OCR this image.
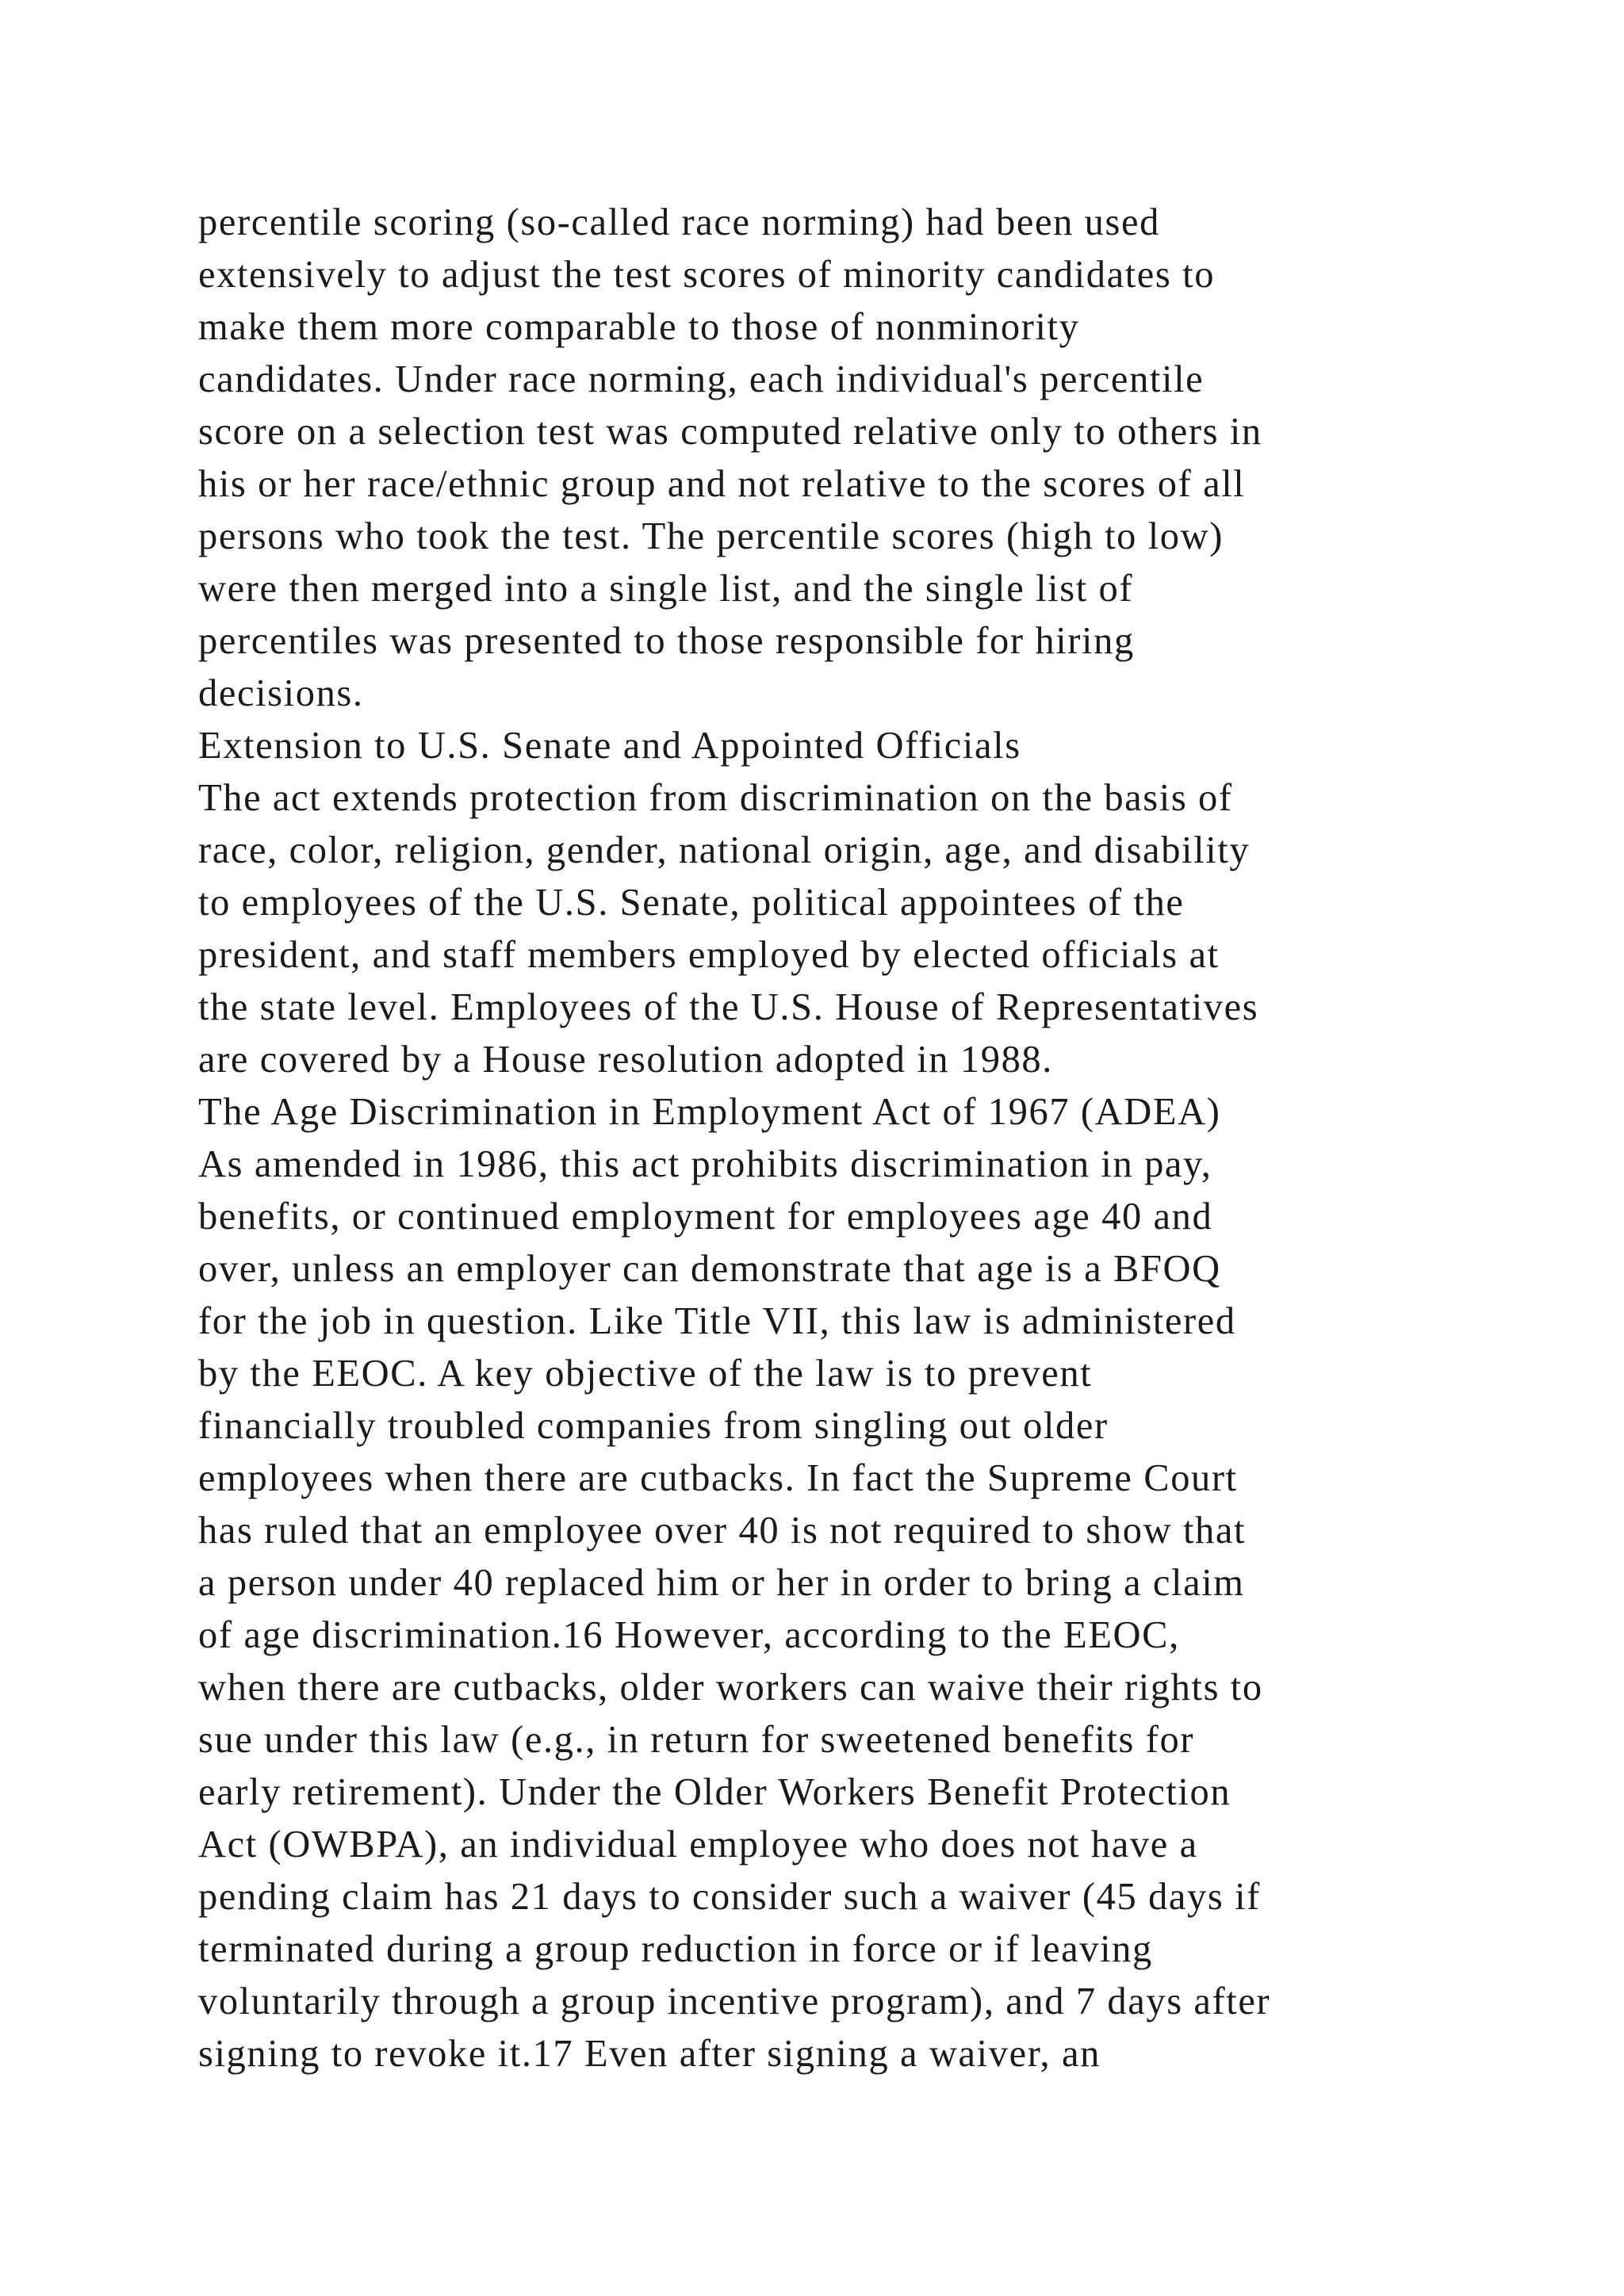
percentile scoring (so-called race norming) had been used
extensively to adjust the test scores of minority candidates to
make them more comparable to those of nonminority
candidates. Under race norming, each individual's percentile
score on a selection test was computed relative only to others in
his or her race/ethnic group and not relative to the scores of all
persons who took the test. The percentile scores (high to low)
were then merged into a single list, and the single list of
percentiles was presented to those responsible for hiring
decisions.
Extension to U.S. Senate and Appointed Officials
The act extends protection from discrimination on the basis of
race, color, religion, gender, national origin, age, and disability
to employees of the U.S. Senate, political appointees of the
president, and staff members employed by elected officials at
the state level. Employees of the U.S. House of Representatives
are covered by a House resolution adopted in 1988.
The Age Discrimination in Employment Act of 1967 (ADEA)
As amended in 1986, this act prohibits discrimination in pay,
benefits, or continued employment for employees age 40 and
over, unless an employer can demonstrate that age is a BFOQ
for the job in question. Like Title VII, this law is administered
by the EEOC. A key objective of the law is to prevent
financially troubled companies from singling out older
employees when there are cutbacks. In fact the Supreme Court
has ruled that an employee over 40 is not required to show that
a person under 40 replaced him or her in order to bring a claim
of age discrimination.16 However, according to the EEOC,
when there are cutbacks, older workers can waive their rights to
sue under this law (e.g., in return for sweetened benefits for
early retirement). Under the Older Workers Benefit Protection
Act (OWBPA), an individual employee who does not have a
pending claim has 21 days to consider such a waiver (45 days if
terminated during a group reduction in force or if leaving
voluntarily through a group incentive program), and 7 days after
signing to revoke it.17 Even after signing a waiver, an
